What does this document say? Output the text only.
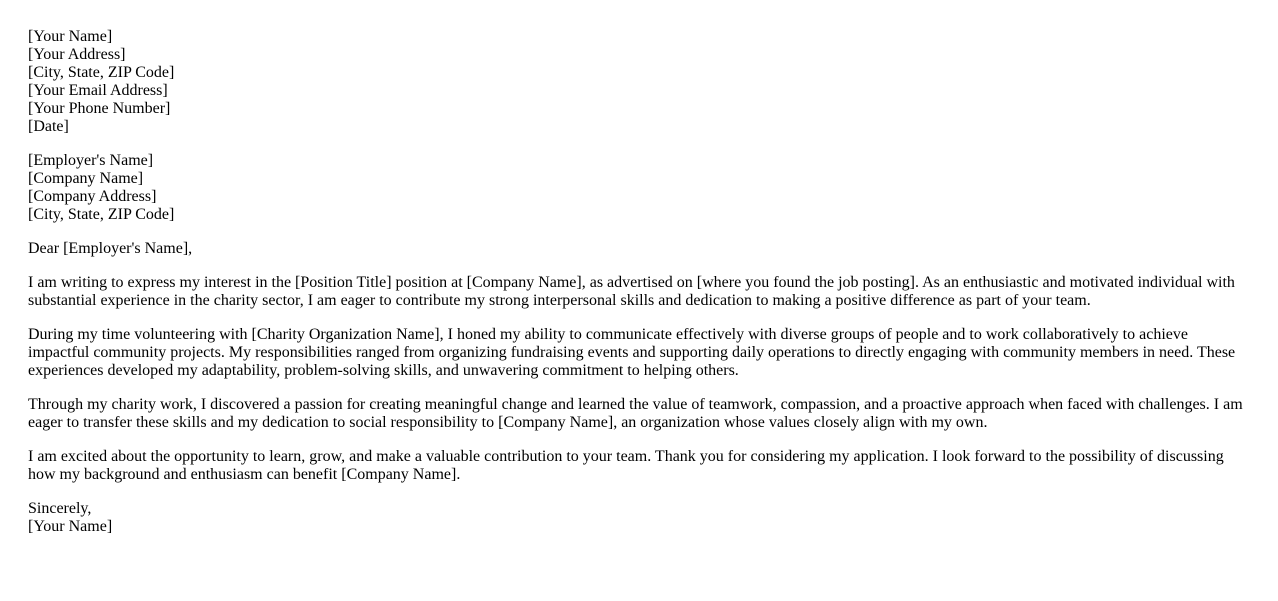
[Your Name]
[Your Address]
[City, State, ZIP Code]
[Your Email Address]
[Your Phone Number]
[Date]
[Employer's Name]
[Company Name]
[Company Address]
[City, State, ZIP Code]

Dear [Employer's Name],

I am writing to express my interest in the [Position Title] position at [Company Name], as advertised on [where you found the job posting]. As an enthusiastic and motivated individual with substantial experience in the charity sector, I am eager to contribute my strong interpersonal skills and dedication to making a positive difference as part of your team.

During my time volunteering with [Charity Organization Name], I honed my ability to communicate effectively with diverse groups of people and to work collaboratively to achieve impactful community projects. My responsibilities ranged from organizing fundraising events and supporting daily operations to directly engaging with community members in need. These experiences developed my adaptability, problem-solving skills, and unwavering commitment to helping others.

Through my charity work, I discovered a passion for creating meaningful change and learned the value of teamwork, compassion, and a proactive approach when faced with challenges. I am eager to transfer these skills and my dedication to social responsibility to [Company Name], an organization whose values closely align with my own.

I am excited about the opportunity to learn, grow, and make a valuable contribution to your team. Thank you for considering my application. I look forward to the possibility of discussing how my background and enthusiasm can benefit [Company Name].

Sincerely,
[Your Name]
